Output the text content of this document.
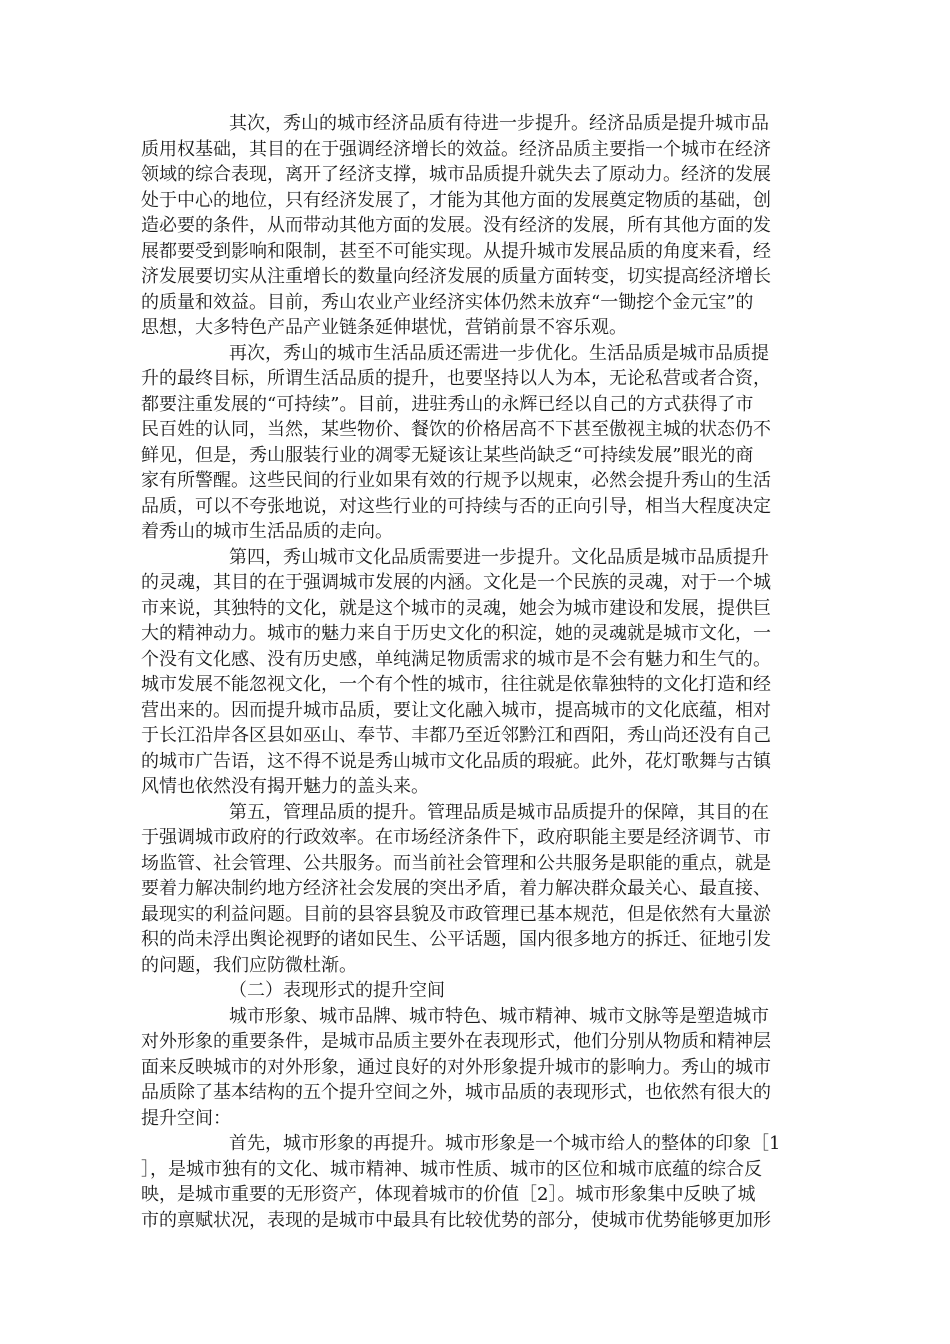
其次，秀山的城市经济品质有待进一步提升。经济品质是提升城市品
质用权基础，其目的在于强调经济增长的效益。经济品质主要指一个城市在经济
领域的综合表现，离开了经济支撑，城市品质提升就失去了原动力。经济的发展
处于中心的地位，只有经济发展了，才能为其他方面的发展奠定物质的基础，创
造必要的条件，从而带动其他方面的发展。没有经济的发展，所有其他方面的发
展都要受到影响和限制，甚至不可能实现。从提升城市发展品质的角度来看，经
济发展要切实从注重增长的数量向经济发展的质量方面转变，切实提高经济增长
的质量和效益。目前，秀山农业产业经济实体仍然未放弃“一锄挖个金元宝”的
思想，大多特色产品产业链条延伸堪忧，营销前景不容乐观。
再次，秀山的城市生活品质还需进一步优化。生活品质是城市品质提
升的最终目标，所谓生活品质的提升，也要坚持以人为本，无论私营或者合资，
都要注重发展的“可持续”。目前，进驻秀山的永辉已经以自己的方式获得了市
民百姓的认同，当然，某些物价、餐饮的价格居高不下甚至傲视主城的状态仍不
鲜见，但是，秀山服装行业的凋零无疑该让某些尚缺乏“可持续发展”眼光的商
家有所警醒。这些民间的行业如果有效的行规予以规束，必然会提升秀山的生活
品质，可以不夸张地说，对这些行业的可持续与否的正向引导，相当大程度决定
着秀山的城市生活品质的走向。
第四，秀山城市文化品质需要进一步提升。文化品质是城市品质提升
的灵魂，其目的在于强调城市发展的内涵。文化是一个民族的灵魂，对于一个城
市来说，其独特的文化，就是这个城市的灵魂，她会为城市建设和发展，提供巨
大的精神动力。城市的魅力来自于历史文化的积淀，她的灵魂就是城市文化，一
个没有文化感、没有历史感，单纯满足物质需求的城市是不会有魅力和生气的。
城市发展不能忽视文化，一个有个性的城市，往往就是依靠独特的文化打造和经
营出来的。因而提升城市品质，要让文化融入城市，提高城市的文化底蕴，相对
于长江沿岸各区县如巫山、奉节、丰都乃至近邻黔江和酉阳，秀山尚还没有自己
的城市广告语，这不得不说是秀山城市文化品质的瑕疵。此外，花灯歌舞与古镇
风情也依然没有揭开魅力的盖头来。
第五，管理品质的提升。管理品质是城市品质提升的保障，其目的在
于强调城市政府的行政效率。在市场经济条件下，政府职能主要是经济调节、市
场监管、社会管理、公共服务。而当前社会管理和公共服务是职能的重点，就是
要着力解决制约地方经济社会发展的突出矛盾，着力解决群众最关心、最直接、
最现实的利益问题。目前的县容县貌及市政管理已基本规范，但是依然有大量淤
积的尚未浮出舆论视野的诸如民生、公平话题，国内很多地方的拆迁、征地引发
的问题，我们应防微杜渐。
（二）表现形式的提升空间
城市形象、城市品牌、城市特色、城市精神、城市文脉等是塑造城市
对外形象的重要条件，是城市品质主要外在表现形式，他们分别从物质和精神层
面来反映城市的对外形象，通过良好的对外形象提升城市的影响力。秀山的城市
品质除了基本结构的五个提升空间之外，城市品质的表现形式，也依然有很大的
提升空间：
首先，城市形象的再提升。城市形象是一个城市给人的整体的印象［1
］，是城市独有的文化、城市精神、城市性质、城市的区位和城市底蕴的综合反
映，是城市重要的无形资产，体现着城市的价值［2］。城市形象集中反映了城
市的禀赋状况，表现的是城市中最具有比较优势的部分，使城市优势能够更加形
